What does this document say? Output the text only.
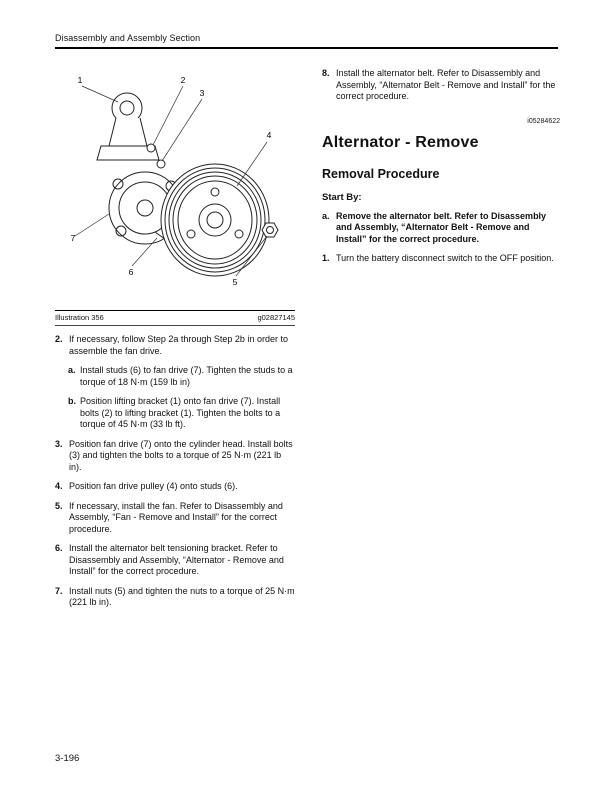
Disassembly and Assembly Section
1	2
3
4
7
6
5
Illustration 356	g02827145
2. If necessary, follow Step 2a through Step 2b in order to assemble the fan drive.
a. Install studs (6) to fan drive (7). Tighten the studs to a torque of 18 N·m (159 lb in)
b. Position lifting bracket (1) onto fan drive (7). Install bolts (2) to lifting bracket (1). Tighten the bolts to a torque of 45 N·m (33 lb ft).
3. Position fan drive (7) onto the cylinder head. Install bolts (3) and tighten the bolts to a torque of 25 N·m (221 lb in).
4. Position fan drive pulley (4) onto studs (6).
5. If necessary, install the fan. Refer to Disassembly and Assembly, “Fan - Remove and Install” for the correct procedure.
6. Install the alternator belt tensioning bracket. Refer to Disassembly and Assembly, “Alternator - Remove and Install” for the correct procedure.
7. Install nuts (5) and tighten the nuts to a torque of 25 N·m (221 lb in).
8. Install the alternator belt. Refer to Disassembly and Assembly, “Alternator Belt - Remove and Install” for the correct procedure.
i05284622
Alternator - Remove
Removal Procedure
Start By:
a. Remove the alternator belt. Refer to Disassembly and Assembly, “Alternator Belt - Remove and Install” for the correct procedure.
1. Turn the battery disconnect switch to the OFF position.
3-196
